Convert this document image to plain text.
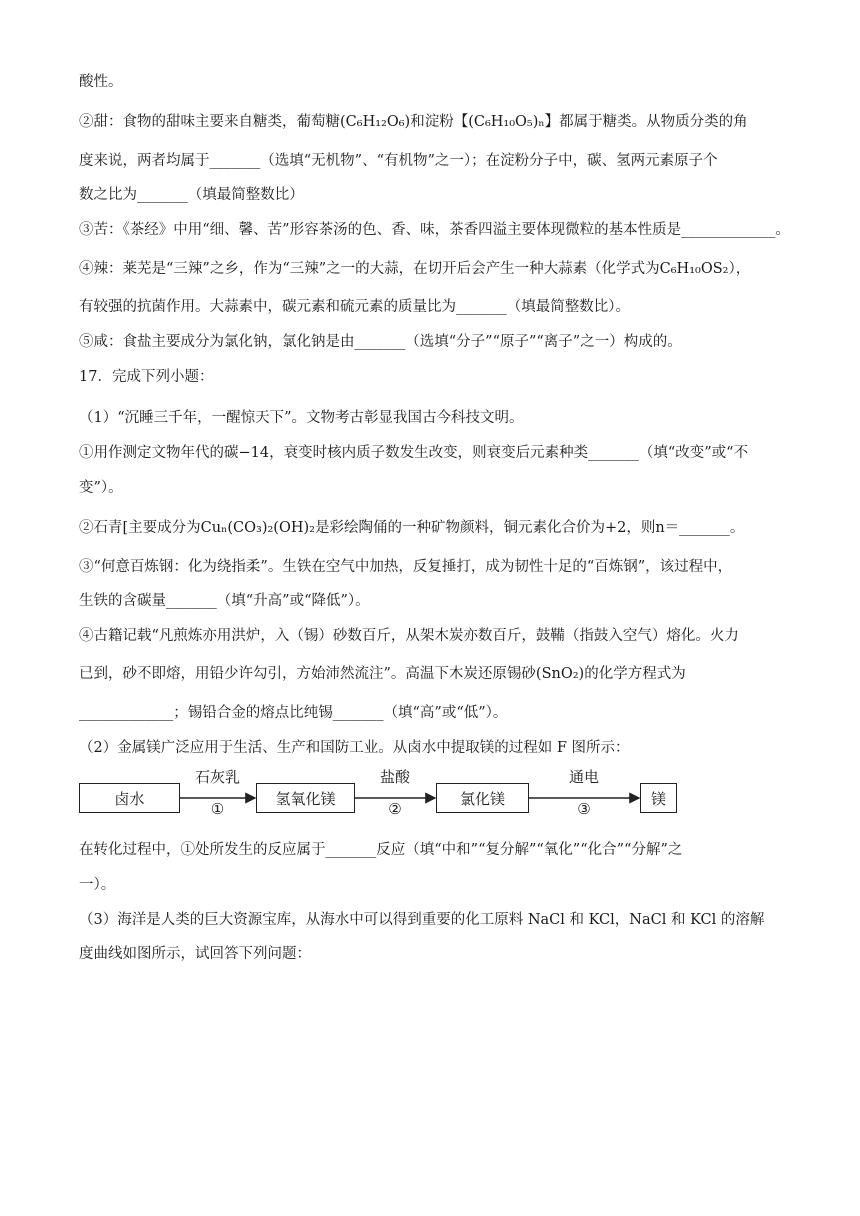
酸性。
②甜：食物的甜味主要来自糖类，葡萄糖(C₆H₁₂O₆)和淀粉【(C₆H₁₀O₅)ₙ】都属于糖类。从物质分类的角
度来说，两者均属于_______（选填“无机物”、“有机物”之一）；在淀粉分子中，碳、氢两元素原子个
数之比为_______（填最简整数比）
③苦：《茶经》中用“细、馨、苦”形容茶汤的色、香、味，茶香四溢主要体现微粒的基本性质是_____________。
④辣：莱芜是“三辣”之乡，作为“三辣”之一的大蒜，在切开后会产生一种大蒜素（化学式为C₆H₁₀OS₂），
有较强的抗菌作用。大蒜素中，碳元素和硫元素的质量比为_______（填最简整数比）。
⑤咸：食盐主要成分为氯化钠，氯化钠是由_______（选填“分子”“原子”“离子”之一）构成的。
17．完成下列小题：
（1）“沉睡三千年，一醒惊天下”。文物考古彰显我国古今科技文明。
①用作测定文物年代的碳−14，衰变时核内质子数发生改变，则衰变后元素种类_______（填“改变”或“不
变”）。
②石青[主要成分为Cuₙ(CO₃)₂(OH)₂是彩绘陶俑的一种矿物颜料，铜元素化合价为+2，则n＝_______。
③“何意百炼钢：化为绕指柔”。生铁在空气中加热，反复捶打，成为韧性十足的“百炼钢”，该过程中，
生铁的含碳量_______（填“升高”或“降低”）。
④古籍记载“凡煎炼亦用洪炉，入（锡）砂数百斤，从架木炭亦数百斤，鼓鞴（指鼓入空气）熔化。火力
已到，砂不即熔，用铅少许勾引，方始沛然流注”。高温下木炭还原锡砂(SnO₂)的化学方程式为
_____________；锡铅合金的熔点比纯锡_______（填“高”或“低”）。
（2）金属镁广泛应用于生活、生产和国防工业。从卤水中提取镁的过程如 F 图所示：
卤水	氢氧化镁	氯化镁	镁
石灰乳
①
盐酸
②
通电
③
在转化过程中，①处所发生的反应属于_______反应（填“中和”“复分解”“氧化”“化合”“分解”之
一）。
（3）海洋是人类的巨大资源宝库，从海水中可以得到重要的化工原料 NaCl 和 KCl，NaCl 和 KCl 的溶解
度曲线如图所示，试回答下列问题：
